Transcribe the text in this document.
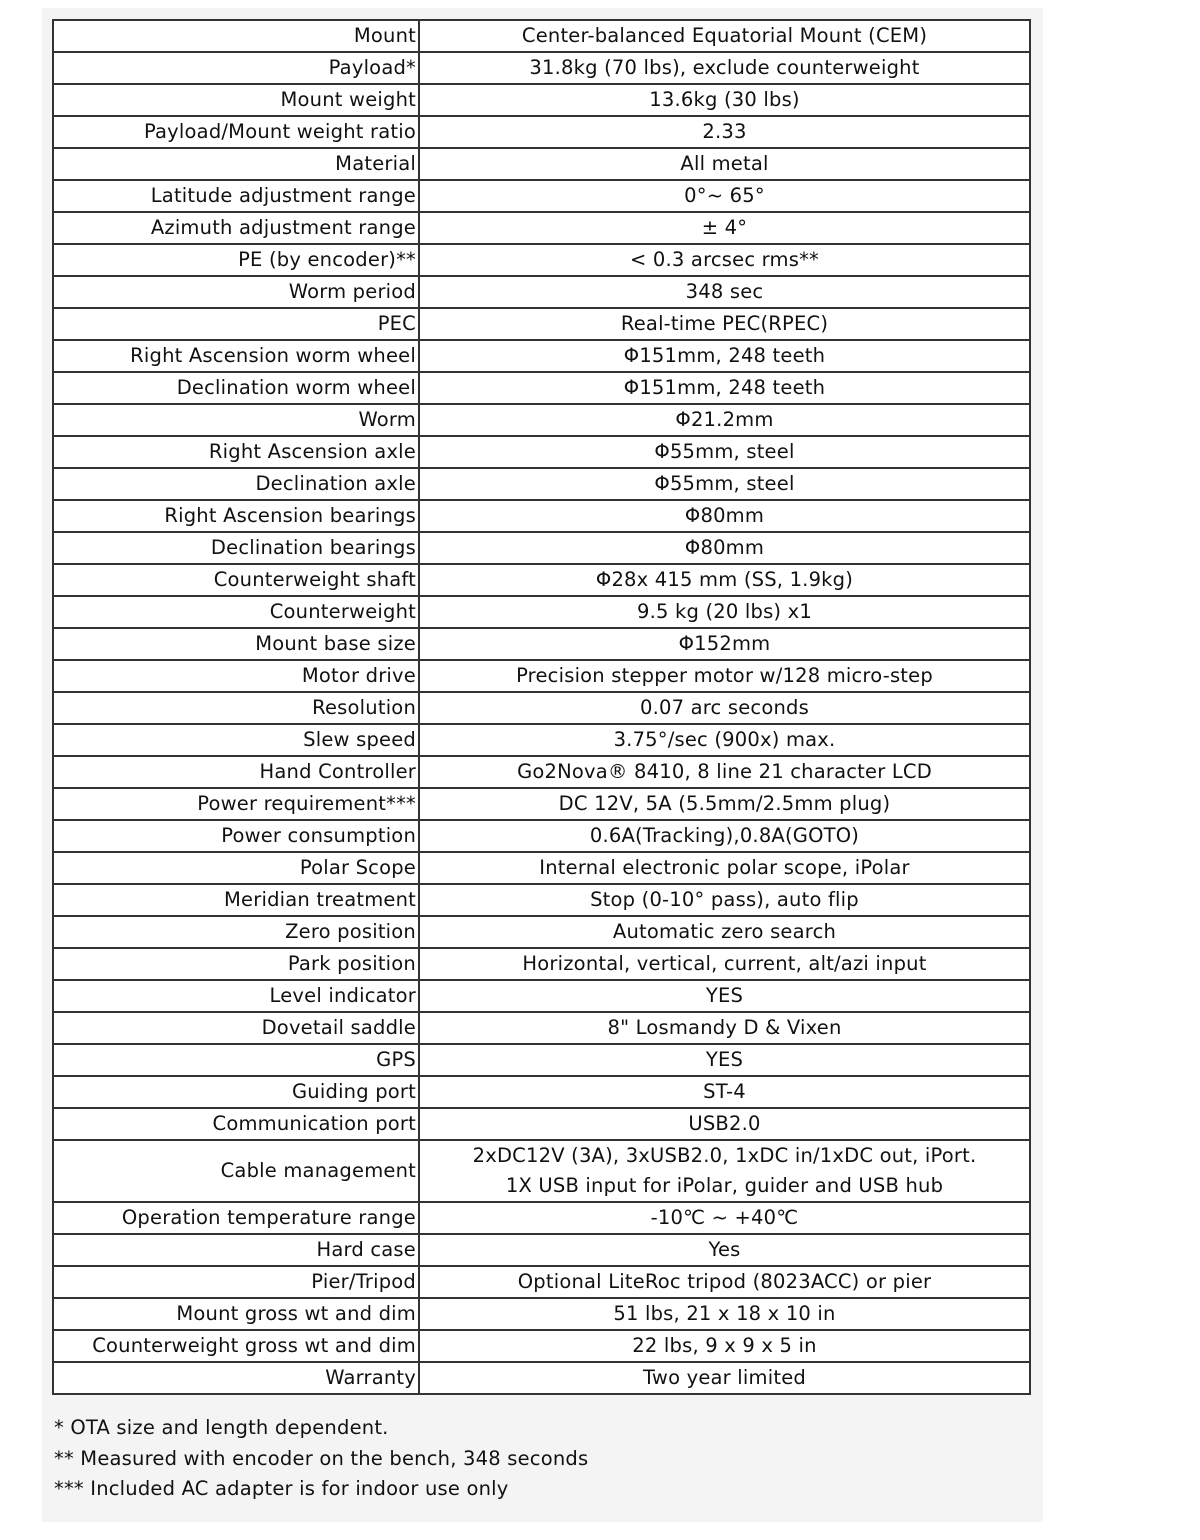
Mount	Center-balanced Equatorial Mount (CEM)
Payload*	31.8kg (70 lbs), exclude counterweight
Mount weight	13.6kg (30 lbs)
Payload/Mount weight ratio	2.33
Material	All metal
Latitude adjustment range	0°~ 65°
Azimuth adjustment range	± 4°
PE (by encoder)**	< 0.3 arcsec rms**
Worm period	348 sec
PEC	Real-time PEC(RPEC)
Right Ascension worm wheel	Φ151mm, 248 teeth
Declination worm wheel	Φ151mm, 248 teeth
Worm	Φ21.2mm
Right Ascension axle	Φ55mm, steel
Declination axle	Φ55mm, steel
Right Ascension bearings	Φ80mm
Declination bearings	Φ80mm
Counterweight shaft	Φ28x 415 mm (SS, 1.9kg)
Counterweight	9.5 kg (20 lbs) x1
Mount base size	Φ152mm
Motor drive	Precision stepper motor w/128 micro-step
Resolution	0.07 arc seconds
Slew speed	3.75°/sec (900x) max.
Hand Controller	Go2Nova® 8410, 8 line 21 character LCD
Power requirement***	DC 12V, 5A (5.5mm/2.5mm plug)
Power consumption	0.6A(Tracking),0.8A(GOTO)
Polar Scope	Internal electronic polar scope, iPolar
Meridian treatment	Stop (0-10° pass), auto flip
Zero position	Automatic zero search
Park position	Horizontal, vertical, current, alt/azi input
Level indicator	YES
Dovetail saddle	8" Losmandy D & Vixen
GPS	YES
Guiding port	ST-4
Communication port	USB2.0
Cable management	2xDC12V (3A), 3xUSB2.0, 1xDC in/1xDC out, iPort.
1X USB input for iPolar, guider and USB hub

Operation temperature range	-10℃ ~ +40℃
Hard case	Yes
Pier/Tripod	Optional LiteRoc tripod (8023ACC) or pier
Mount gross wt and dim	51 lbs, 21 x 18 x 10 in
Counterweight gross wt and dim	22 lbs, 9 x 9 x 5 in
Warranty	Two year limited
* OTA size and length dependent.
** Measured with encoder on the bench, 348 seconds
*** Included AC adapter is for indoor use only
